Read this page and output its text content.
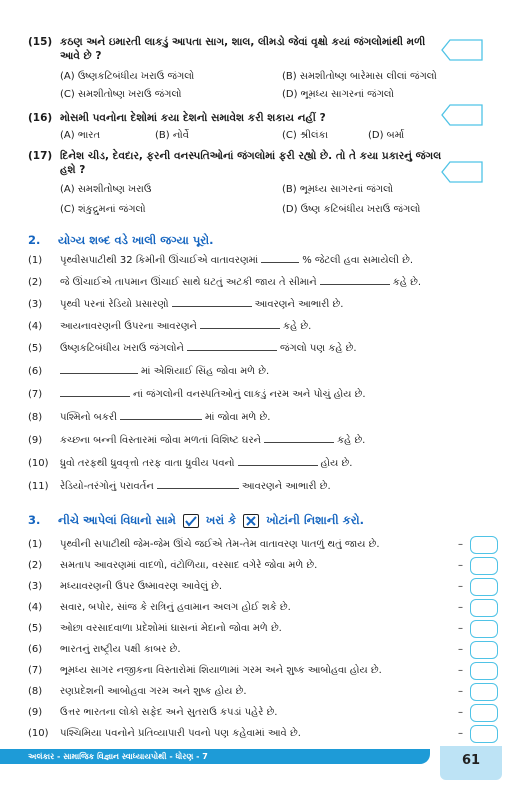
(15) કઠણ અને ઇમારતી લાકડું આપતા સાગ, શાલ, લીમડો જેવાં વૃક્ષો કયાં જંગલોમાંથી મળી આવે છે ?
(A) ઉષ્ણકટિબંધીય ખરાઉ જંગલો	(B) સમશીતોષ્ણ બારેમાસ લીલાં જંગલો
(C) સમશીતોષ્ણ ખરાઉ જંગલો	(D) ભૂમધ્ય સાગરનાં જંગલો
(16) મોસમી પવનોના દેશોમાં કયા દેશનો સમાવેશ કરી શકાય નહીં ?
(A) ભારત	(B) નોર્વે	(C) શ્રીલંકા	(D) બર્મા
(17) દિનેશ ચીડ, દેવદાર, ફરની વનસ્પતિઓનાં જંગલોમાં ફરી રહ્યો છે. તો તે કયા પ્રકારનું જંગલ હશે ?
(A) સમશીતોષ્ણ ખરાઉ	(B) ભૂમધ્ય સાગરનાં જંગલો
(C) શંકુદ્રુમનાં જંગલો	(D) ઉષ્ણ કટિબંધીય ખરાઉ જંગલો
2. યોગ્ય શબ્દ વડે ખાલી જગ્યા પૂરો.
(1)	પૃથ્વીસપાટીથી 32 કિમીની ઊંચાઈએ વાતાવરણમાં	% જેટલી હવા સમાયેલી છે.
(2)	જે ઊંચાઈએ તાપમાન ઊંચાઈ સાથે ઘટતું અટકી જાય તે સીમાને	કહે છે.
(3)	પૃથ્વી પરનાં રેડિયો પ્રસારણો	આવરણને આભારી છે.
(4)	આયનાવરણની ઉપરના આવરણને	કહે છે.
(5)	ઉષ્ણકટિબંધીય ખરાઉ જંગલોને	જંગલો પણ કહે છે.
(6)	માં એશિયાઈ સિંહ જોવા મળે છે.
(7)	નાં જંગલોની વનસ્પતિઓનું લાકડું નરમ અને પોચું હોય છે.
(8)	પશ્મિનો બકરી	માં જોવા મળે છે.
(9)	કચ્છના બન્ની વિસ્તારમાં જોવા મળતાં વિશિષ્ટ ઘરને	કહે છે.
(10)	ધ્રુવો તરફથી ધ્રુવવૃત્તો તરફ વાતા ધ્રુવીય પવનો	હોય છે.
(11)	રેડિયો-તરંગોનું પરાવર્તન	આવરણને આભારી છે.
3. નીચે આપેલાં વિધાનો સામે	ખરાં કે ☒ ખોટાંની નિશાની કરો.
(1)	પૃથ્વીની સપાટીથી જેમ-જેમ ઊંચે જઈએ તેમ-તેમ વાતાવરણ પાતળું થતું જાય છે.	–
(2)	સમતાપ આવરણમાં વાદળો, વંટોળિયા, વરસાદ વગેરે જોવા મળે છે.	–
(3)	મધ્યાવરણની ઉપર ઉષ્માવરણ આવેલું છે.	–
(4)	સવાર, બપોર, સાંજ કે રાત્રિનું હવામાન અલગ હોઈ શકે છે.	–
(5)	ઓછા વરસાદવાળા પ્રદેશોમાં ઘાસનાં મેદાનો જોવા મળે છે.	–
(6)	ભારતનું રાષ્ટ્રીય પક્ષી કાબર છે.	–
(7)	ભૂમધ્ય સાગર નજીકના વિસ્તારોમાં શિયાળામાં ગરમ અને શુષ્ક આબોહવા હોય છે.	–
(8)	રણપ્રદેશની આબોહવા ગરમ અને શુષ્ક હોય છે.	–
(9)	ઉત્તર ભારતના લોકો સફેદ અને સુતરાઉ કપડાં પહેરે છે.	–
(10)	પશ્ચિમિયા પવનોને પ્રતિવ્યાપારી પવનો પણ કહેવામાં આવે છે.	–
અલંકાર - સામાજિક વિજ્ઞાન સ્વાધ્યાયપોથી - ધોરણ - 7	61
